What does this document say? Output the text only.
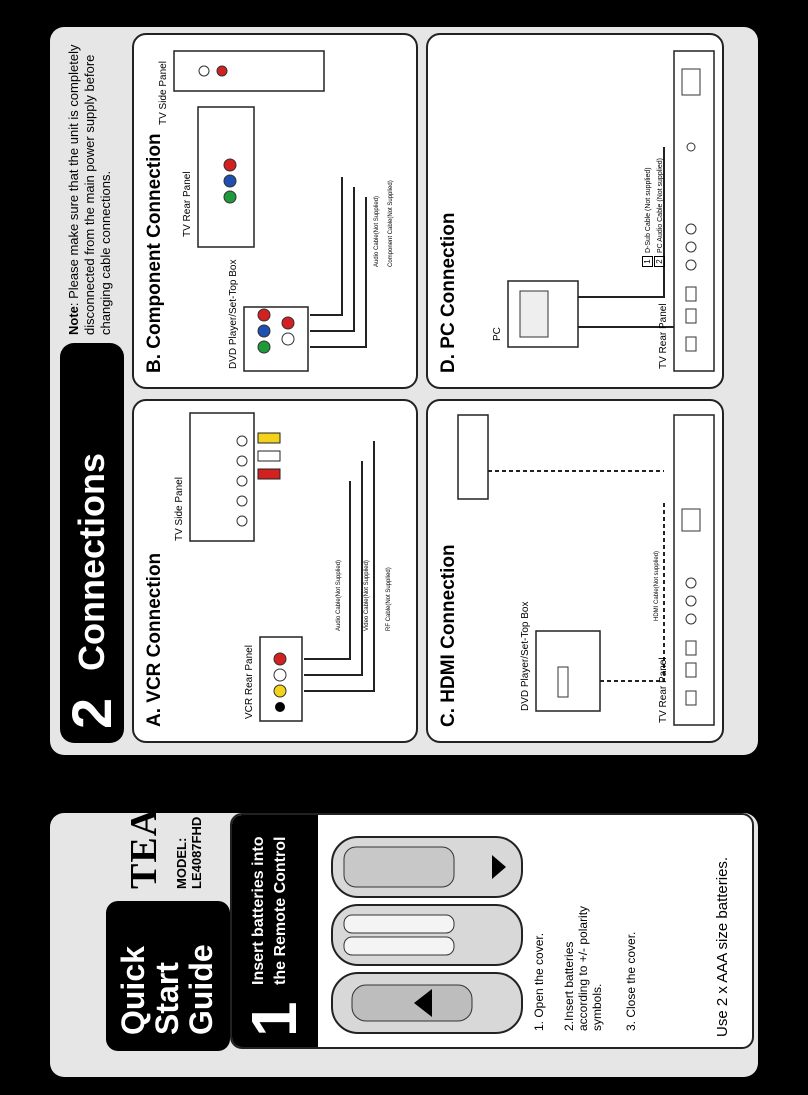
Quick
Start
Guide
TEAC MODEL: LE4087FHD
1
Insert batteries into the Remote Control	1. Open the cover. 2.Insert batteries according to +/- polarity symbols. 3. Close the cover.	Use 2 x AAA size batteries.
2
Connections
Note: Please make sure that the unit is completely disconnected from the main power supply before changing cable connections.
A. VCR Connection	VCR Rear Panel
TV Side Panel
Audio Cable(Not Supplied)	Video Cable(Not Supplied)	RF Cable(Not Supplied)
B. Component Connection	DVD Player/Set-Top Box
TV Rear Panel
TV Side Panel
Audio Cable(Not Supplied) Component Cable(Not Supplied)
C. HDMI Connection	DVD Player/Set-Top Box	TV Rear Panel
HDMI Cable(Not supplied)
D. PC Connection	PC	TV Rear Panel
1D-Sub Cable (Not supplied)
2PC Audio Cable (Not supplied)
